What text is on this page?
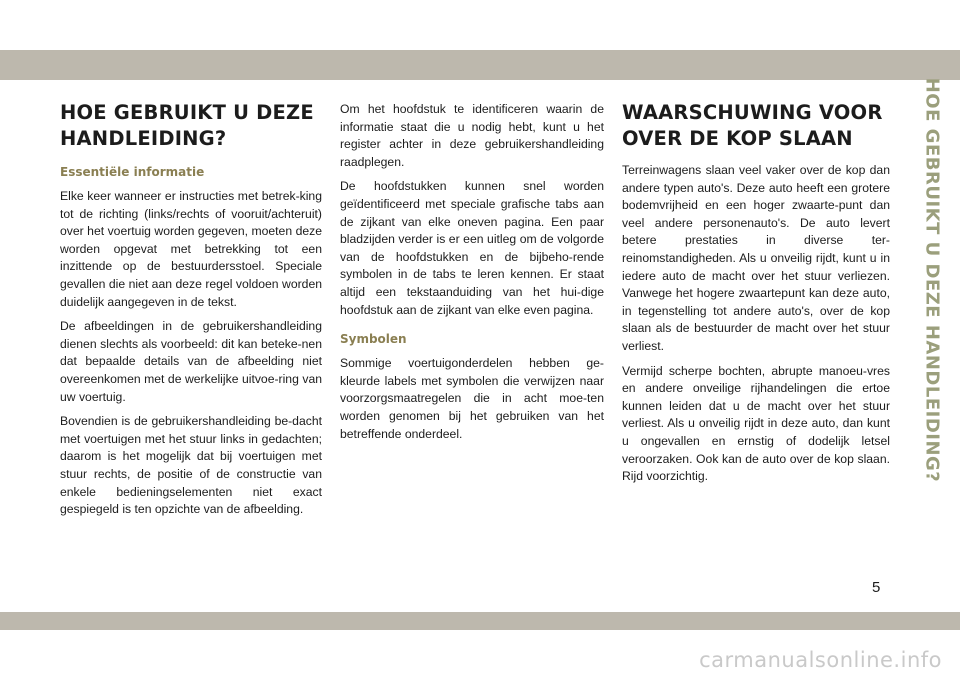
HOE GEBRUIKT U DEZE
HANDLEIDING?
Essentiële informatie

Elke keer wanneer er instructies met betrek-king tot de richting (links/rechts of vooruit/achteruit) over het voertuig worden gegeven, moeten deze worden opgevat met betrekking tot een inzittende op de bestuurdersstoel. Speciale gevallen die niet aan deze regel voldoen worden duidelijk aangegeven in de tekst.

De afbeeldingen in de gebruikershandleiding dienen slechts als voorbeeld: dit kan beteke-nen dat bepaalde details van de afbeelding niet overeenkomen met de werkelijke uitvoe-ring van uw voertuig.

Bovendien is de gebruikershandleiding be-dacht met voertuigen met het stuur links in gedachten; daarom is het mogelijk dat bij voertuigen met stuur rechts, de positie of de constructie van enkele bedieningselementen niet exact gespiegeld is ten opzichte van de afbeelding.

Om het hoofdstuk te identificeren waarin de informatie staat die u nodig hebt, kunt u het register achter in deze gebruikershandleiding raadplegen.

De hoofdstukken kunnen snel worden geïdentificeerd met speciale grafische tabs aan de zijkant van elke oneven pagina. Een paar bladzijden verder is er een uitleg om de volgorde van de hoofdstukken en de bijbeho-rende symbolen in de tabs te leren kennen. Er staat altijd een tekstaanduiding van het hui-dige hoofdstuk aan de zijkant van elke even pagina.

Symbolen

Sommige voertuigonderdelen hebben ge-kleurde labels met symbolen die verwijzen naar voorzorgsmaatregelen die in acht moe-ten worden genomen bij het gebruiken van het betreffende onderdeel.

WAARSCHUWING VOOR
OVER DE KOP SLAAN

Terreinwagens slaan veel vaker over de kop dan andere typen auto's. Deze auto heeft een grotere bodemvrijheid en een hoger zwaarte-punt dan veel andere personenauto's. De auto levert betere prestaties in diverse ter-reinomstandigheden. Als u onveilig rijdt, kunt u in iedere auto de macht over het stuur verliezen. Vanwege het hogere zwaartepunt kan deze auto, in tegenstelling tot andere auto's, over de kop slaan als de bestuurder de macht over het stuur verliest.

Vermijd scherpe bochten, abrupte manoeu-vres en andere onveilige rijhandelingen die ertoe kunnen leiden dat u de macht over het stuur verliest. Als u onveilig rijdt in deze auto, dan kunt u ongevallen en ernstig of dodelijk letsel veroorzaken. Ook kan de auto over de kop slaan. Rijd voorzichtig.	HOE GEBRUIKT U DEZE HANDLEIDING?
5
carmanualsonline.info
